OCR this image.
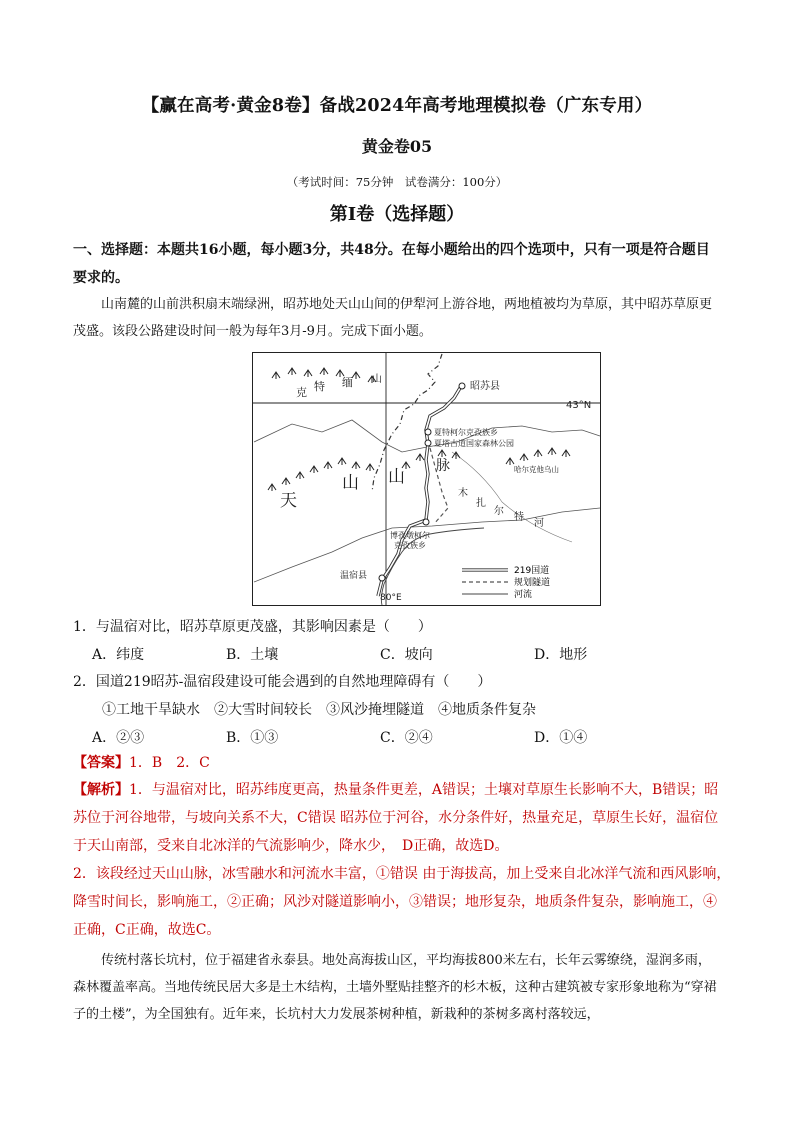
【赢在高考·黄金8卷】备战2024年高考地理模拟卷（广东专用）
黄金卷05
（考试时间：75分钟　试卷满分：100分）
第I卷（选择题）
一、选择题：本题共16小题，每小题3分，共48分。在每小题给出的四个选项中，只有一项是符合题目要求的。
山南麓的山前洪积扇末端绿洲，昭苏地处天山山间的伊犁河上游谷地，两地植被均为草原，其中昭苏草原更茂盛。该段公路建设时间一般为每年3月-9月。完成下面小题。
克 特 缅 山
昭苏县
43°N
夏特柯尔克孜族乡
夏塔古道国家森林公园
哈尔克他乌山
天
山 山
脉
木
扎
尔
特
河
博孜墩柯尔
克孜族乡
温宿县
80°E
219国道
规划隧道
河流
1．与温宿对比，昭苏草原更茂盛，其影响因素是（　　）
A．纬度	B．土壤	C．坡向	D．地形
2．国道219昭苏-温宿段建设可能会遇到的自然地理障碍有（　　）
①工地干旱缺水　②大雪时间较长　③风沙掩埋隧道　④地质条件复杂
A．②③	B．①③	C．②④	D．①④
【答案】1．B　2．C
【解析】1．与温宿对比，昭苏纬度更高，热量条件更差，A错误；土壤对草原生长影响不大，B错误；昭
苏位于河谷地带，与坡向关系不大，C错误 昭苏位于河谷，水分条件好，热量充足，草原生长好，温宿位
于天山南部，受来自北冰洋的气流影响少，降水少，　D正确，故选D。
2．该段经过天山山脉，冰雪融水和河流水丰富，①错误 由于海拔高，加上受来自北冰洋气流和西风影响，
降雪时间长，影响施工，②正确；风沙对隧道影响小，③错误；地形复杂，地质条件复杂，影响施工，④
正确，C正确，故选C。
传统村落长坑村，位于福建省永泰县。地处高海拔山区，平均海拔800米左右，长年云雾缭绕，湿润多雨，森林覆盖率高。当地传统民居大多是土木结构，土墙外墅贴挂整齐的杉木板，这种古建筑被专家形象地称为“穿裙子的土楼”，为全国独有。近年来，长坑村大力发展茶树种植，新栽种的茶树多离村落较远，
